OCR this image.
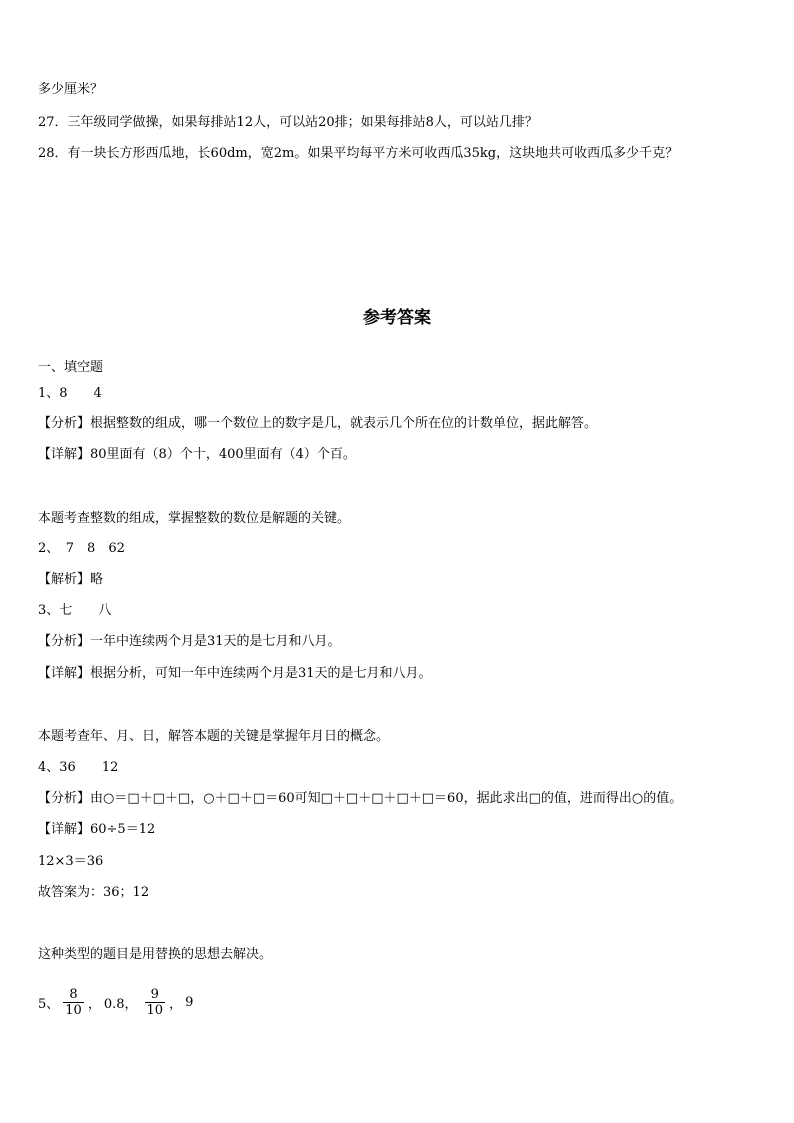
多少厘米？
27．三年级同学做操，如果每排站12人，可以站20排；如果每排站8人，可以站几排？
28．有一块长方形西瓜地，长60dm，宽2m。如果平均每平方米可收西瓜35kg，这块地共可收西瓜多少千克？
参考答案
一、填空题
1、8　　4
【分析】根据整数的组成，哪一个数位上的数字是几，就表示几个所在位的计数单位，据此解答。
【详解】80里面有（8）个十，400里面有（4）个百。
本题考查整数的组成，掌握整数的数位是解题的关键。
2、　7　8　62
【解析】略
3、七　　八
【分析】一年中连续两个月是31天的是七月和八月。
【详解】根据分析，可知一年中连续两个月是31天的是七月和八月。
本题考查年、月、日，解答本题的关键是掌握年月日的概念。
4、36　　12
【分析】由○＝□＋□＋□，○＋□＋□＝60可知□＋□＋□＋□＋□＝60，据此求出□的值，进而得出○的值。
【详解】60÷5＝12
12×3＝36
故答案为：36；12
这种类型的题目是用替换的思想去解决。
5、 $\frac{8}{10}$ ， 0.8， $\frac{9}{10}$ ， 9
